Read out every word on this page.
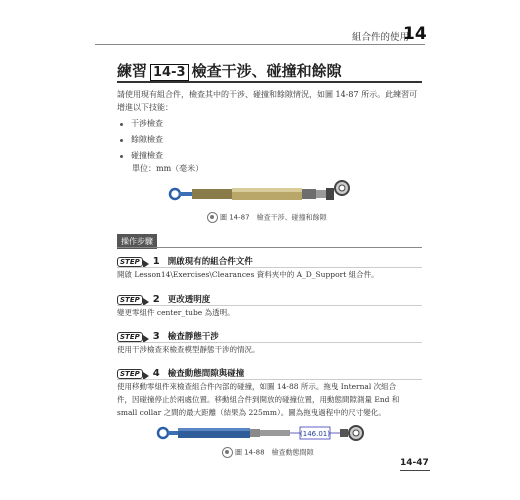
組合件的使用
14
練習 14-3 檢查干涉、碰撞和餘隙
請使用現有組合件，檢查其中的干涉、碰撞和餘隙情況，如圖 14-87 所示。此練習可
增進以下技能：
干涉檢查
餘隙檢查
碰撞檢查
單位：mm（毫米）
圖 14-87　檢查干涉、碰撞和餘隙
操作步驟
STEP 1 開啟現有的組合件文件
開啟 Lesson14\Exercises\Clearances 資料夾中的 A_D_Support 組合件。
STEP 2 更改透明度
變更零組件 center_tube 為透明。
STEP 3 檢查靜態干涉
使用干涉檢查來檢查模型靜態干涉的情況。
STEP 4 檢查動態間隙與碰撞
使用移動零組件來檢查組合件內部的碰撞，如圖 14-88 所示。拖曳 Internal 次組合
件，因碰撞停止於兩處位置。移動組合件到開放的碰撞位置，用動態間隙測量 End 和
small collar 之間的最大距離（結果為 225mm）。圖為拖曳過程中的尺寸變化。
(146.01)
圖 14-88　檢查動態間隙
14-47
